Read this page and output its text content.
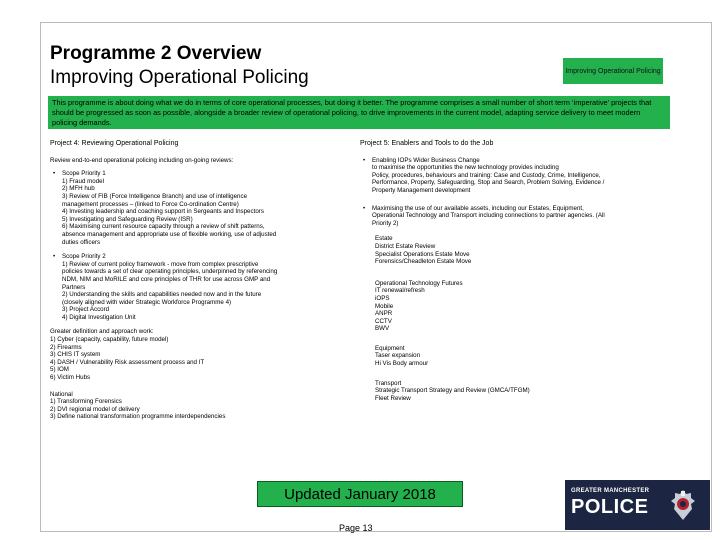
Programme 2 Overview
Improving Operational Policing	Improving Operational Policing
This programme is about doing what we do in terms of core operational processes, but doing it better. The programme comprises a small number of short term ‘imperative’ projects that should be progressed as soon as possible, alongside a broader review of operational policing, to drive improvements in the current model, adapting service delivery to meet modern policing demands.
Project 4: Reviewing Operational Policing
Review end-to-end operational policing including on-going reviews:
• Scope Priority 1
1) Fraud model
2) MFH hub
3) Review of FIB (Force Intelligence Branch) and use of intelligence
management processes – (linked to Force Co-ordination Centre)
4) Investing leadership and coaching support in Sergeants and Inspectors
5) Investigating and Safeguarding Review (ISR)
6) Maximising current resource capacity through a review of shift patterns,
absence management and appropriate use of flexible working, use of adjusted
duties officers
• Scope Priority 2
1) Review of current policy framework - move from complex prescriptive
policies towards a set of clear operating principles, underpinned by referencing
NDM, NIM and MoRILE and core principles of THR for use across GMP and
Partners
2) Understanding the skills and capabilities needed now and in the future
(closely aligned with wider Strategic Workforce Programme 4)
3) Project Accord
4) Digital Investigation Unit
Greater definition and approach work:
1) Cyber (capacity, capability, future model)
2) Firearms
3) CHIS IT system
4) DASH / Vulnerability Risk assessment process and IT
5) IOM
6) Victim Hubs
National
1) Transforming Forensics
2) DVI regional model of delivery
3) Define national transformation programme interdependencies
Project 5: Enablers and Tools to do the Job
• Enabling IOPs Wider Business Change
to maximise the opportunities the new technology provides including
Policy, procedures, behaviours and training: Case and Custody, Crime, Intelligence,
Performance, Property, Safeguarding, Stop and Search, Problem Solving, Evidence /
Property Management development
• Maximising the use of our available assets, including our Estates, Equipment,
Operational Technology and Transport including connections to partner agencies. (All
Priority 2)
Estate
District Estate Review
Specialist Operations Estate Move
Forensics/Cheadleton Estate Move
Operational Technology Futures
IT renewal/refresh
iOPS
Mobile
ANPR
CCTV
BWV
Equipment
Taser expansion
Hi Vis Body armour
Transport
Strategic Transport Strategy and Review (GMCA/TFGM)
Fleet Review
Updated January 2018
Page 13
GREATER MANCHESTER
POLICE
